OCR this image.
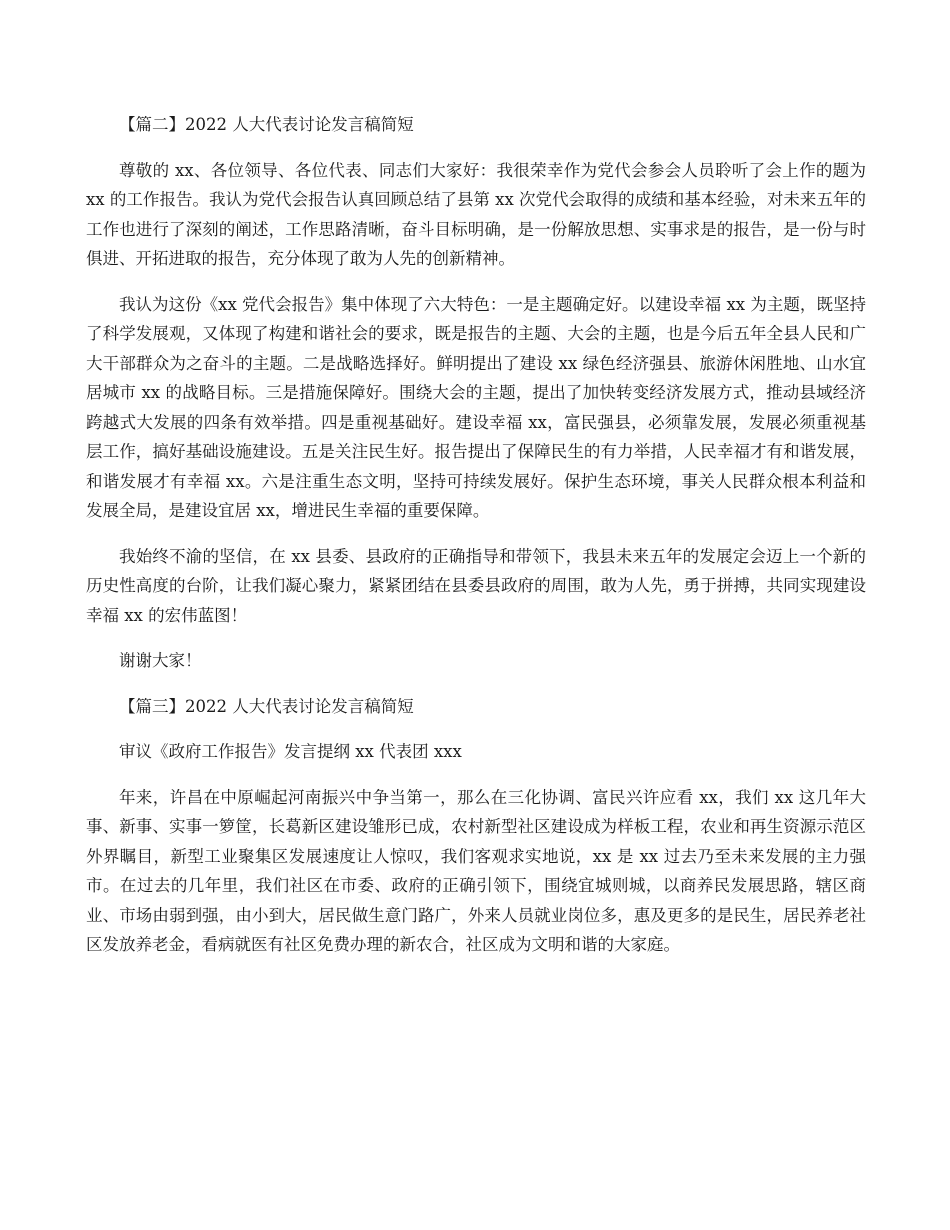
【篇二】2022 人大代表讨论发言稿简短

尊敬的 xx、各位领导、各位代表、同志们大家好：我很荣幸作为党代会参会人员聆听了会上作的题为 xx 的工作报告。我认为党代会报告认真回顾总结了县第 xx 次党代会取得的成绩和基本经验，对未来五年的工作也进行了深刻的阐述，工作思路清晰，奋斗目标明确，是一份解放思想、实事求是的报告，是一份与时俱进、开拓进取的报告，充分体现了敢为人先的创新精神。

我认为这份《xx 党代会报告》集中体现了六大特色：一是主题确定好。以建设幸福 xx 为主题，既坚持了科学发展观，又体现了构建和谐社会的要求，既是报告的主题、大会的主题，也是今后五年全县人民和广大干部群众为之奋斗的主题。二是战略选择好。鲜明提出了建设 xx 绿色经济强县、旅游休闲胜地、山水宜居城市 xx 的战略目标。三是措施保障好。围绕大会的主题，提出了加快转变经济发展方式，推动县域经济跨越式大发展的四条有效举措。四是重视基础好。建设幸福 xx，富民强县，必须靠发展，发展必须重视基层工作，搞好基础设施建设。五是关注民生好。报告提出了保障民生的有力举措，人民幸福才有和谐发展，和谐发展才有幸福 xx。六是注重生态文明，坚持可持续发展好。保护生态环境，事关人民群众根本利益和发展全局，是建设宜居 xx，增进民生幸福的重要保障。

我始终不渝的坚信，在 xx 县委、县政府的正确指导和带领下，我县未来五年的发展定会迈上一个新的历史性高度的台阶，让我们凝心聚力，紧紧团结在县委县政府的周围，敢为人先，勇于拼搏，共同实现建设幸福 xx 的宏伟蓝图！

谢谢大家！

【篇三】2022 人大代表讨论发言稿简短

审议《政府工作报告》发言提纲 xx 代表团 xxx

年来，许昌在中原崛起河南振兴中争当第一，那么在三化协调、富民兴许应看 xx，我们 xx 这几年大事、新事、实事一箩筐，长葛新区建设雏形已成，农村新型社区建设成为样板工程，农业和再生资源示范区外界瞩目，新型工业聚集区发展速度让人惊叹，我们客观求实地说，xx 是 xx 过去乃至未来发展的主力强市。在过去的几年里，我们社区在市委、政府的正确引领下，围绕宜城则城，以商养民发展思路，辖区商业、市场由弱到强，由小到大，居民做生意门路广，外来人员就业岗位多，惠及更多的是民生，居民养老社区发放养老金，看病就医有社区免费办理的新农合，社区成为文明和谐的大家庭。
